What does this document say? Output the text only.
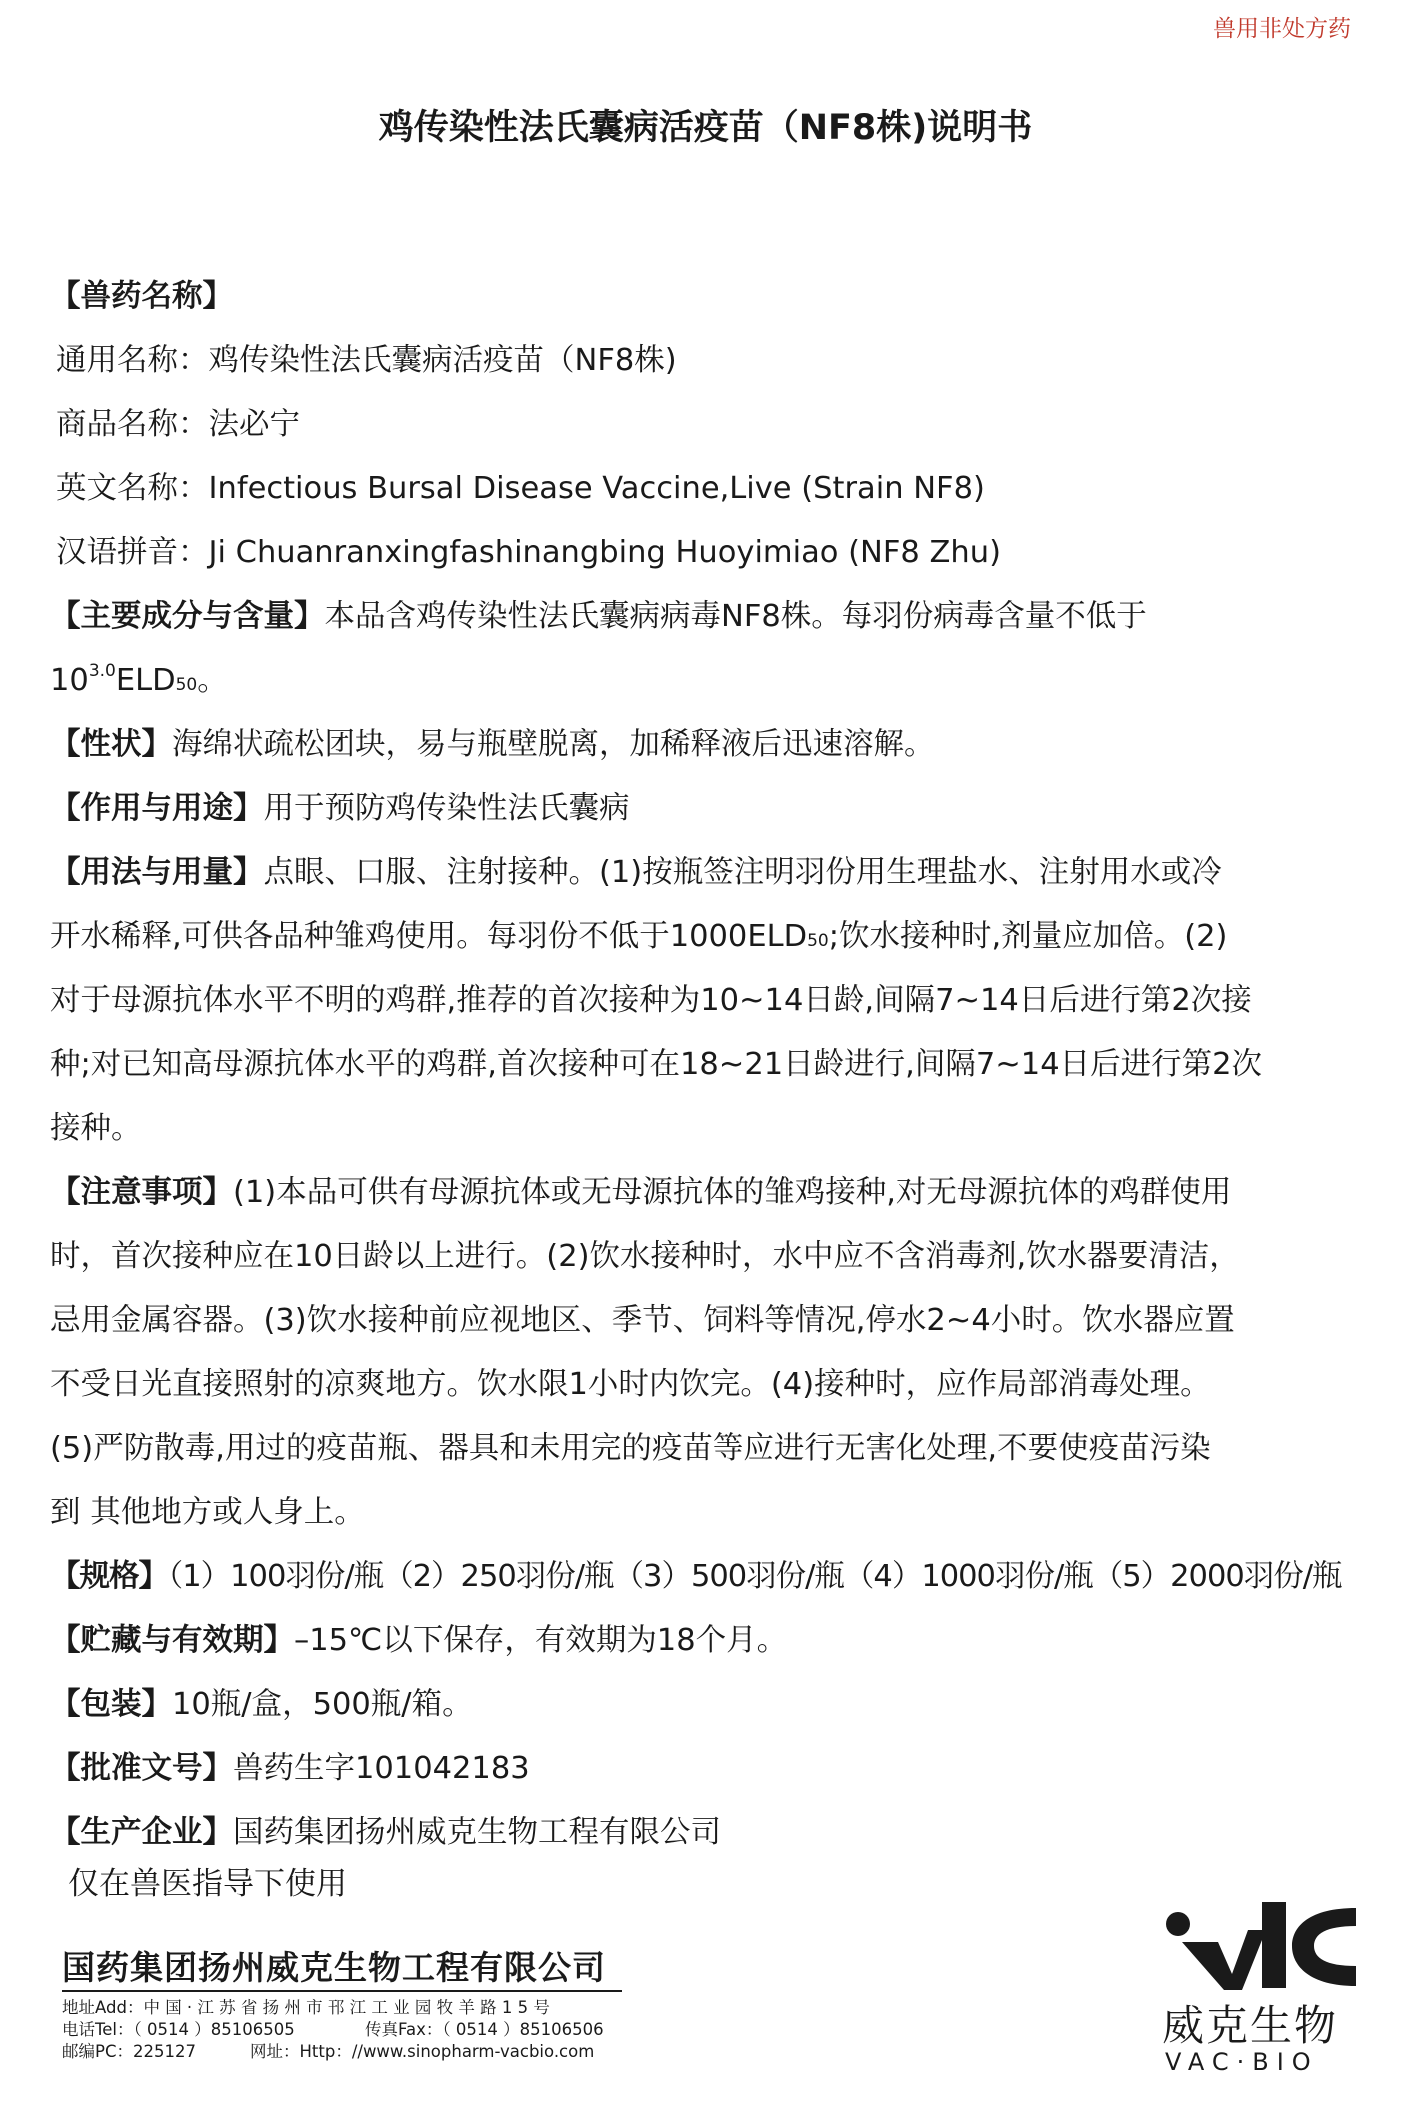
兽用非处方药
鸡传染性法氏囊病活疫苗（NF8株)说明书
【兽药名称】
通用名称：鸡传染性法氏囊病活疫苗（NF8株)
商品名称：法必宁
英文名称：Infectious Bursal Disease Vaccine,Live (Strain NF8)
汉语拼音：Ji Chuanranxingfashinangbing Huoyimiao (NF8 Zhu)
【主要成分与含量】本品含鸡传染性法氏囊病病毒NF8株。每羽份病毒含量不低于
$10^{3.0}ELD50$。
【性状】海绵状疏松团块，易与瓶壁脱离，加稀释液后迅速溶解。
【作用与用途】用于预防鸡传染性法氏囊病
【用法与用量】点眼、口服、注射接种。(1)按瓶签注明羽份用生理盐水、注射用水或冷
开水稀释,可供各品种雏鸡使用。每羽份不低于1000ELD50;饮水接种时,剂量应加倍。(2)
对于母源抗体水平不明的鸡群,推荐的首次接种为10~14日龄,间隔7~14日后进行第2次接
种;对已知高母源抗体水平的鸡群,首次接种可在18~21日龄进行,间隔7~14日后进行第2次
接种。
【注意事项】(1)本品可供有母源抗体或无母源抗体的雏鸡接种,对无母源抗体的鸡群使用
时，首次接种应在10日龄以上进行。(2)饮水接种时，水中应不含消毒剂,饮水器要清洁，
忌用金属容器。(3)饮水接种前应视地区、季节、饲料等情况,停水2~4小时。饮水器应置
不受日光直接照射的凉爽地方。饮水限1小时内饮完。(4)接种时，应作局部消毒处理。
(5)严防散毒,用过的疫苗瓶、器具和未用完的疫苗等应进行无害化处理,不要使疫苗污染
到 其他地方或人身上。
【规格】（1）100羽份/瓶（2）250羽份/瓶（3）500羽份/瓶（4）1000羽份/瓶（5）2000羽份/瓶
【贮藏与有效期】–15℃以下保存，有效期为18个月。
【包装】10瓶/盒，500瓶/箱。
【批准文号】兽药生字101042183
【生产企业】国药集团扬州威克生物工程有限公司
仅在兽医指导下使用
国药集团扬州威克生物工程有限公司
地址Add：中 国 · 江 苏 省 扬 州 市 邗 江 工 业 园 牧 羊 路 1 5 号
电话Tel：（ 0514 ）85106505	传真Fax：（ 0514 ）85106506
邮编PC：225127	网址：Http：//www.sinopharm-vacbio.com
威克生物
VAC·BIO
